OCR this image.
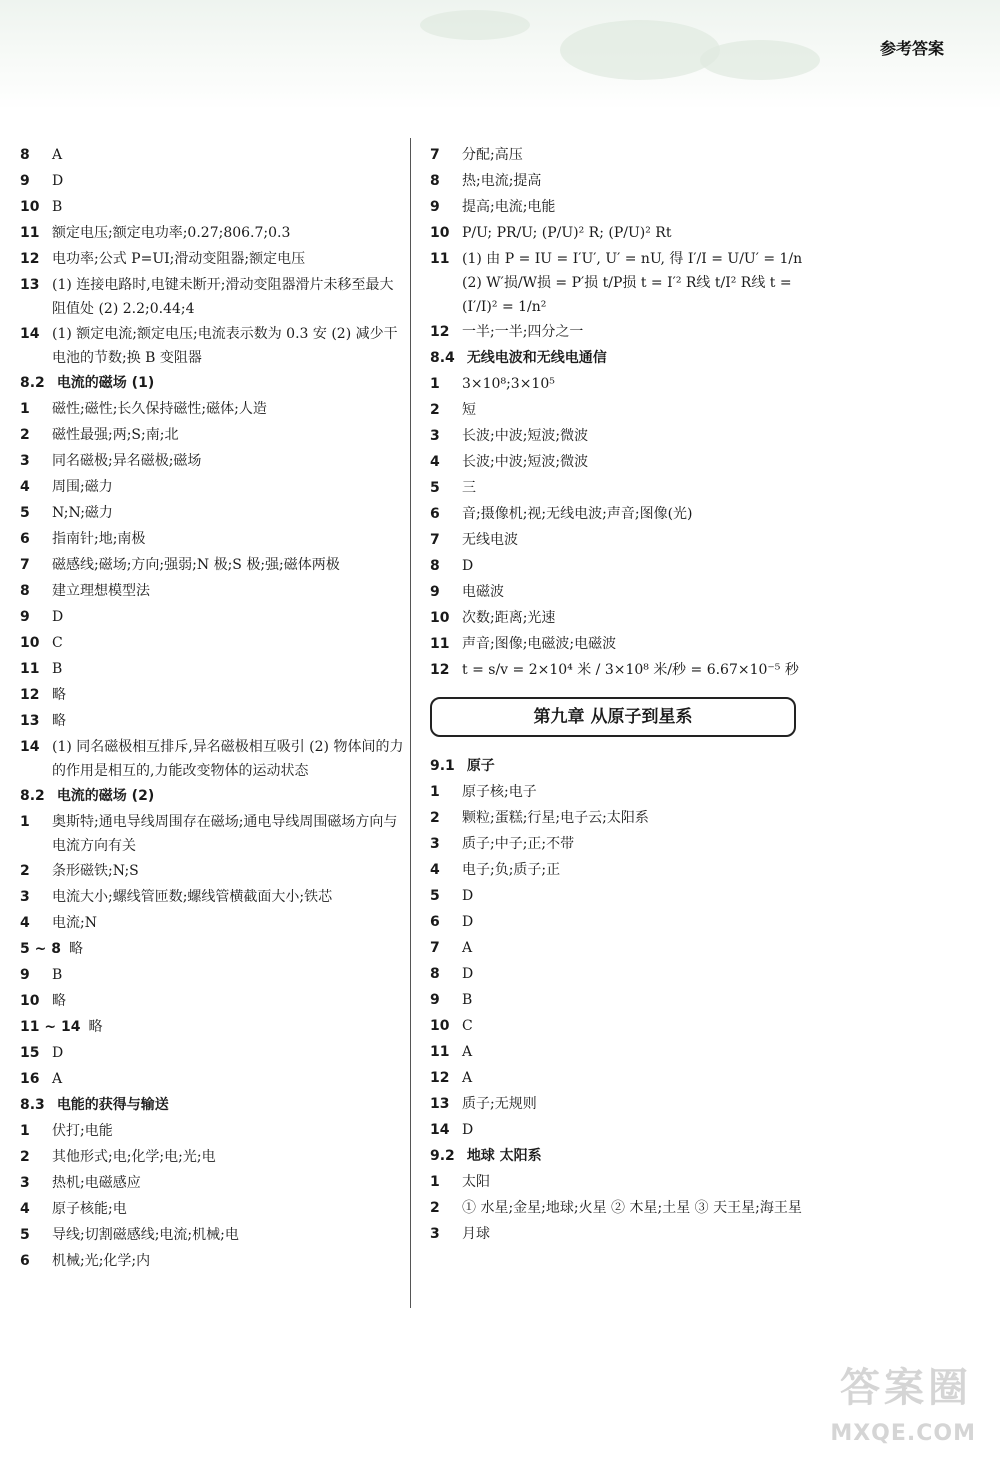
参考答案
8	A
9	D
10 B
11 额定电压;额定电功率;0.27;806.7;0.3
12 电功率;公式 P=UI;滑动变阻器;额定电压
13 (1) 连接电路时,电键未断开;滑动变阻器滑片未移至最大阻值处 (2) 2.2;0.44;4
14 (1) 额定电流;额定电压;电流表示数为 0.3 安 (2) 减少干电池的节数;换 B 变阻器
8.2 电流的磁场 (1)
1	磁性;磁性;长久保持磁性;磁体;人造
2	磁性最强;两;S;南;北
3	同名磁极;异名磁极;磁场
4	周围;磁力
5	N;N;磁力
6	指南针;地;南极
7	磁感线;磁场;方向;强弱;N 极;S 极;强;磁体两极
8	建立理想模型法
9	D
10 C
11 B
12 略
13 略
14 (1) 同名磁极相互排斥,异名磁极相互吸引 (2) 物体间的力的作用是相互的,力能改变物体的运动状态
8.2 电流的磁场 (2)
1	奥斯特;通电导线周围存在磁场;通电导线周围磁场方向与电流方向有关
2	条形磁铁;N;S
3	电流大小;螺线管匝数;螺线管横截面大小;铁芯
4	电流;N
5 ~ 8 略
9	B
10 略
11 ~ 14 略
15 D
16 A
8.3 电能的获得与输送
1	伏打;电能
2	其他形式;电;化学;电;光;电
3	热机;电磁感应
4	原子核能;电
5	导线;切割磁感线;电流;机械;电
6	机械;光;化学;内
7	分配;高压
8	热;电流;提高
9	提高;电流;电能
10 P/U; PR/U; (P/U)² R; (P/U)² Rt
11 (1) 由 P = IU = I′U′, U′ = nU, 得 I′/I = U/U′ = 1/n (2) W′损/W损 = P′损 t/P损 t = I′² R线 t/I² R线 t = (I′/I)² = 1/n²
12 一半;一半;四分之一
8.4 无线电波和无线电通信
1	3×10⁸;3×10⁵
2	短
3	长波;中波;短波;微波
4	长波;中波;短波;微波
5	三
6	音;摄像机;视;无线电波;声音;图像(光)
7	无线电波
8	D
9	电磁波
10 次数;距离;光速
11 声音;图像;电磁波;电磁波
12 t = s/v = 2×10⁴ 米 / 3×10⁸ 米/秒 = 6.67×10⁻⁵ 秒
第九章 从原子到星系
9.1 原子
1	原子核;电子
2	颗粒;蛋糕;行星;电子云;太阳系
3	质子;中子;正;不带
4	电子;负;质子;正
5	D
6	D
7	A
8	D
9	B
10 C
11 A
12 A
13 质子;无规则
14 D
9.2 地球 太阳系
1	太阳
2	① 水星;金星;地球;火星 ② 木星;土星 ③ 天王星;海王星
3	月球
答案圈
MXQE.COM
